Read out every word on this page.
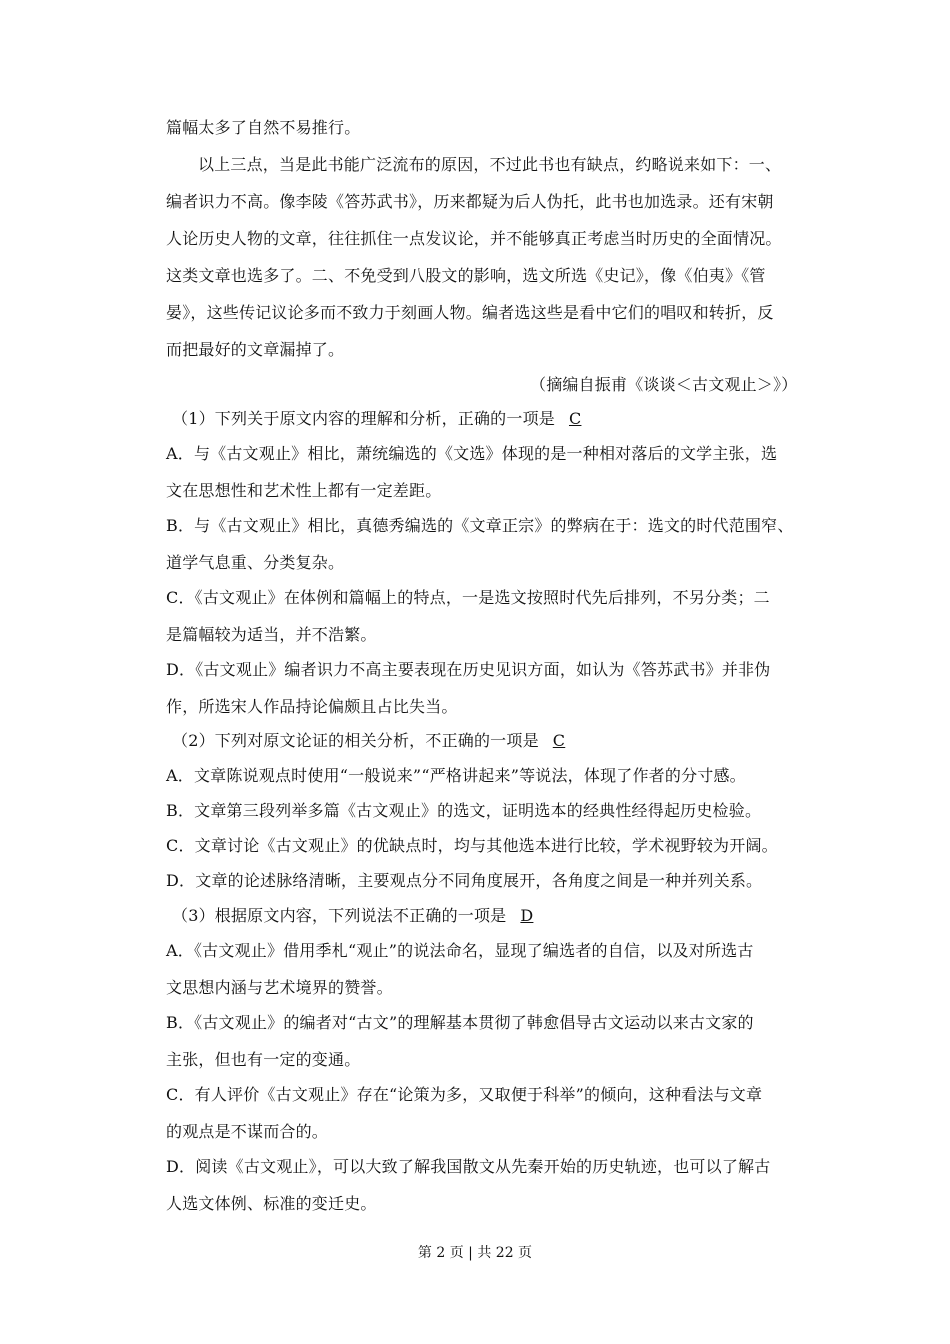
篇幅太多了自然不易推行。
以上三点，当是此书能广泛流布的原因，不过此书也有缺点，约略说来如下：一、
编者识力不高。像李陵《答苏武书》，历来都疑为后人伪托，此书也加选录。还有宋朝
人论历史人物的文章，往往抓住一点发议论，并不能够真正考虑当时历史的全面情况。
这类文章也选多了。二、不免受到八股文的影响，选文所选《史记》，像《伯夷》《管
晏》，这些传记议论多而不致力于刻画人物。编者选这些是看中它们的唱叹和转折，反
而把最好的文章漏掉了。
（摘编自振甫《谈谈＜古文观止＞》）
（1）下列关于原文内容的理解和分析，正确的一项是 C
A．与《古文观止》相比，萧统编选的《文选》体现的是一种相对落后的文学主张，选
文在思想性和艺术性上都有一定差距。
B．与《古文观止》相比，真德秀编选的《文章正宗》的弊病在于：选文的时代范围窄、
道学气息重、分类复杂。
C．《古文观止》在体例和篇幅上的特点，一是选文按照时代先后排列，不另分类；二
是篇幅较为适当，并不浩繁。
D．《古文观止》编者识力不高主要表现在历史见识方面，如认为《答苏武书》并非伪
作，所选宋人作品持论偏颇且占比失当。
（2）下列对原文论证的相关分析，不正确的一项是 C
A．文章陈说观点时使用“一般说来”“严格讲起来”等说法，体现了作者的分寸感。
B．文章第三段列举多篇《古文观止》的选文，证明选本的经典性经得起历史检验。
C．文章讨论《古文观止》的优缺点时，均与其他选本进行比较，学术视野较为开阔。
D．文章的论述脉络清晰，主要观点分不同角度展开，各角度之间是一种并列关系。
（3）根据原文内容，下列说法不正确的一项是 D
A．《古文观止》借用季札“观止”的说法命名，显现了编选者的自信，以及对所选古
文思想内涵与艺术境界的赞誉。
B．《古文观止》的编者对“古文”的理解基本贯彻了韩愈倡导古文运动以来古文家的
主张，但也有一定的变通。
C．有人评价《古文观止》存在“论策为多，又取便于科举”的倾向，这种看法与文章
的观点是不谋而合的。
D．阅读《古文观止》，可以大致了解我国散文从先秦开始的历史轨迹，也可以了解古
人选文体例、标准的变迁史。
第 2 页 | 共 22 页
